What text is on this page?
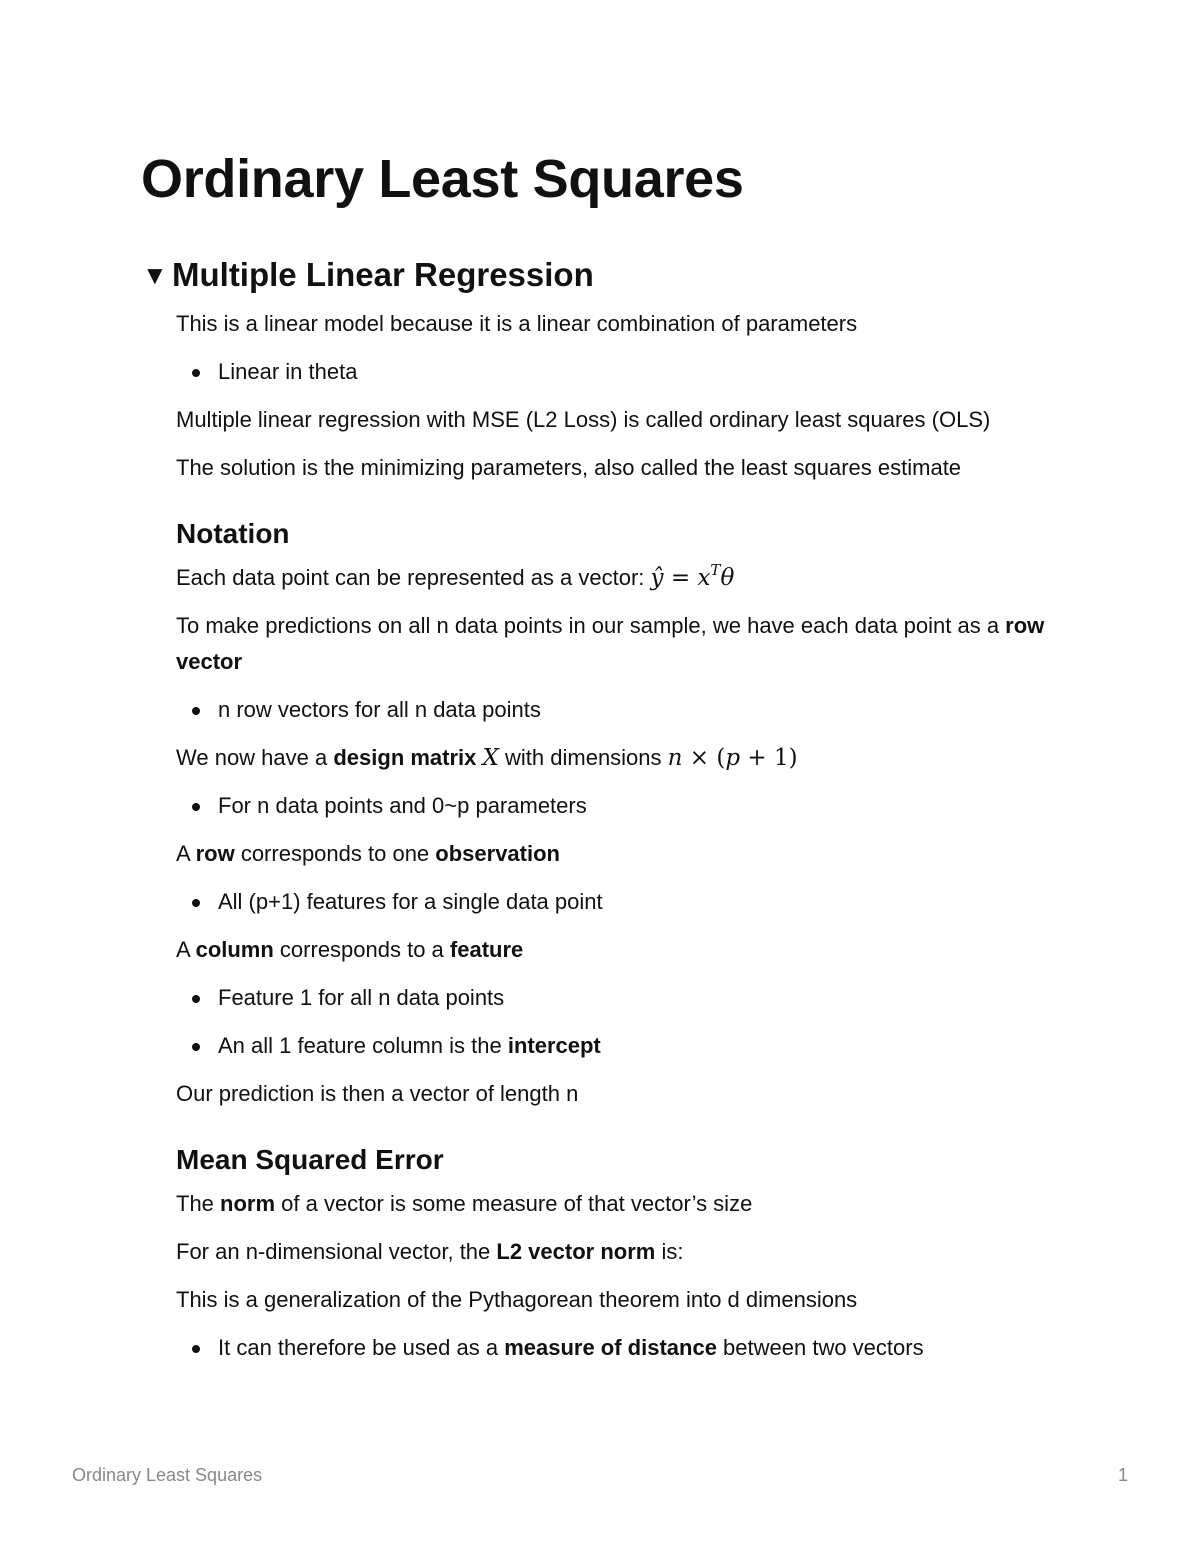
Ordinary Least Squares
▼ Multiple Linear Regression

This is a linear model because it is a linear combination of parameters

Linear in theta

Multiple linear regression with MSE (L2 Loss) is called ordinary least squares (OLS)

The solution is the minimizing parameters, also called the least squares estimate

Notation

Each data point can be represented as a vector: ŷ = $x^T\theta$

To make predictions on all n data points in our sample, we have each data point as a row vector

n row vectors for all n data points

We now have a design matrix X with dimensions n × (p + 1)

For n data points and 0~p parameters

A row corresponds to one observation

All (p+1) features for a single data point

A column corresponds to a feature

Feature 1 for all n data points
An all 1 feature column is the intercept

Our prediction is then a vector of length n

Mean Squared Error

The norm of a vector is some measure of that vector’s size

For an n-dimensional vector, the L2 vector norm is:

This is a generalization of the Pythagorean theorem into d dimensions

It can therefore be used as a measure of distance between two vectors
Ordinary Least Squares	1
